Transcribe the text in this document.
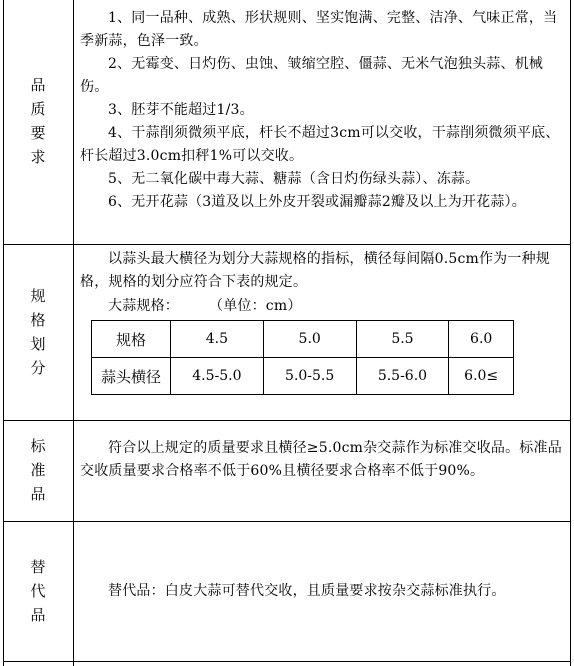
品
质
要
求

1、同一品种、成熟、形状规则、坚实饱满、完整、洁净、气味正常，当季新蒜，色泽一致。

2、无霉变、日灼伤、虫蚀、皱缩空腔、僵蒜、无米气泡独头蒜、机械伤。

3、胚芽不能超过1/3。

4、干蒜削须微须平底，杆长不超过3cm可以交收，干蒜削须微须平底、杆长超过3.0cm扣秤1%可以交收。

5、无二氧化碳中毒大蒜、糖蒜（含日灼伤绿头蒜）、冻蒜。

6、无开花蒜（3道及以上外皮开裂或漏瓣蒜2瓣及以上为开花蒜）。

规
格
划
分

以蒜头最大横径为划分大蒜规格的指标，横径每间隔0.5cm作为一种规格，规格的划分应符合下表的规定。

大蒜规格： （单位：cm）
规格	4.5	5.0	5.5	6.0
蒜头横径	4.5-5.0	5.0-5.5	5.5-6.0	6.0≤
标
准
品

符合以上规定的质量要求且横径≥5.0cm杂交蒜作为标准交收品。标准品交收质量要求合格率不低于60%且横径要求合格率不低于90%。

替
代
品

替代品：白皮大蒜可替代交收，且质量要求按杂交蒜标准执行。
